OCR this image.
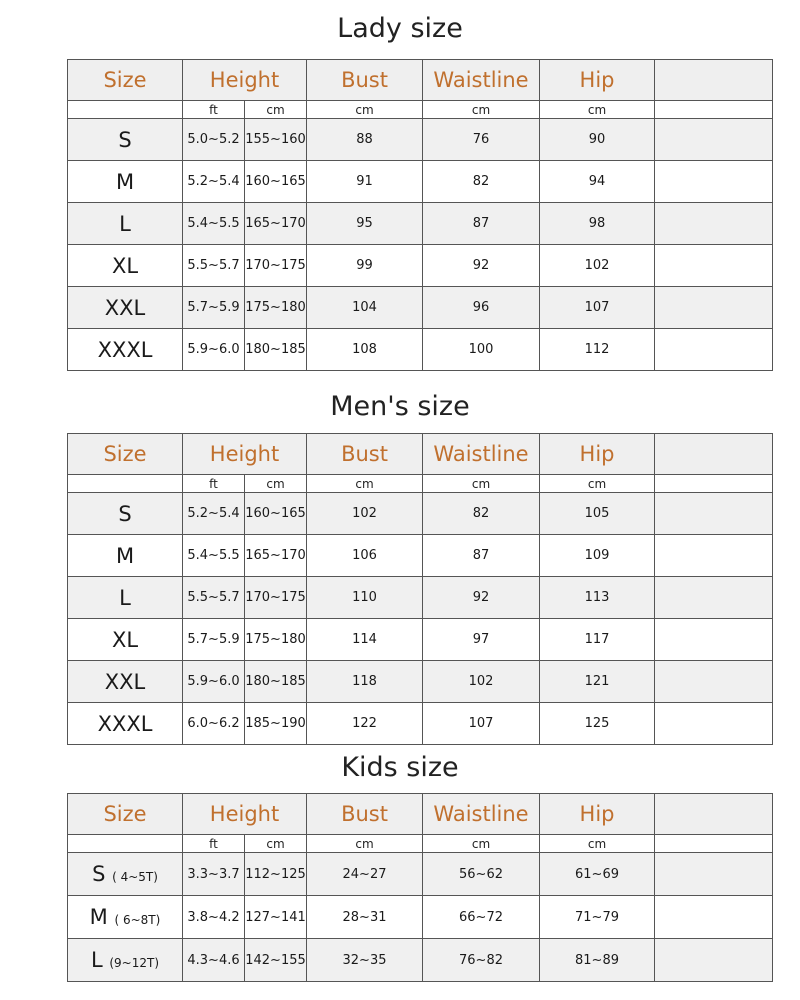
Lady size
Size	Height		Bust	Waistline	Hip	
	ft	cm	cm	cm	cm	
S	5.0~5.2	155~160	88	76	90	
M	5.2~5.4	160~165	91	82	94	
L	5.4~5.5	165~170	95	87	98	
XL	5.5~5.7	170~175	99	92	102	
XXL	5.7~5.9	175~180	104	96	107	
XXXL	5.9~6.0	180~185	108	100	112	
Men's size
Size	Height		Bust	Waistline	Hip	
	ft	cm	cm	cm	cm	
S	5.2~5.4	160~165	102	82	105	
M	5.4~5.5	165~170	106	87	109	
L	5.5~5.7	170~175	110	92	113	
XL	5.7~5.9	175~180	114	97	117	
XXL	5.9~6.0	180~185	118	102	121	
XXXL	6.0~6.2	185~190	122	107	125	
Kids size
Size	Height		Bust	Waistline	Hip	
	ft	cm	cm	cm	cm	
S ( 4~5T)	3.3~3.7	112~125	24~27	56~62	61~69	
M ( 6~8T)	3.8~4.2	127~141	28~31	66~72	71~79	
L (9~12T)	4.3~4.6	142~155	32~35	76~82	81~89	
